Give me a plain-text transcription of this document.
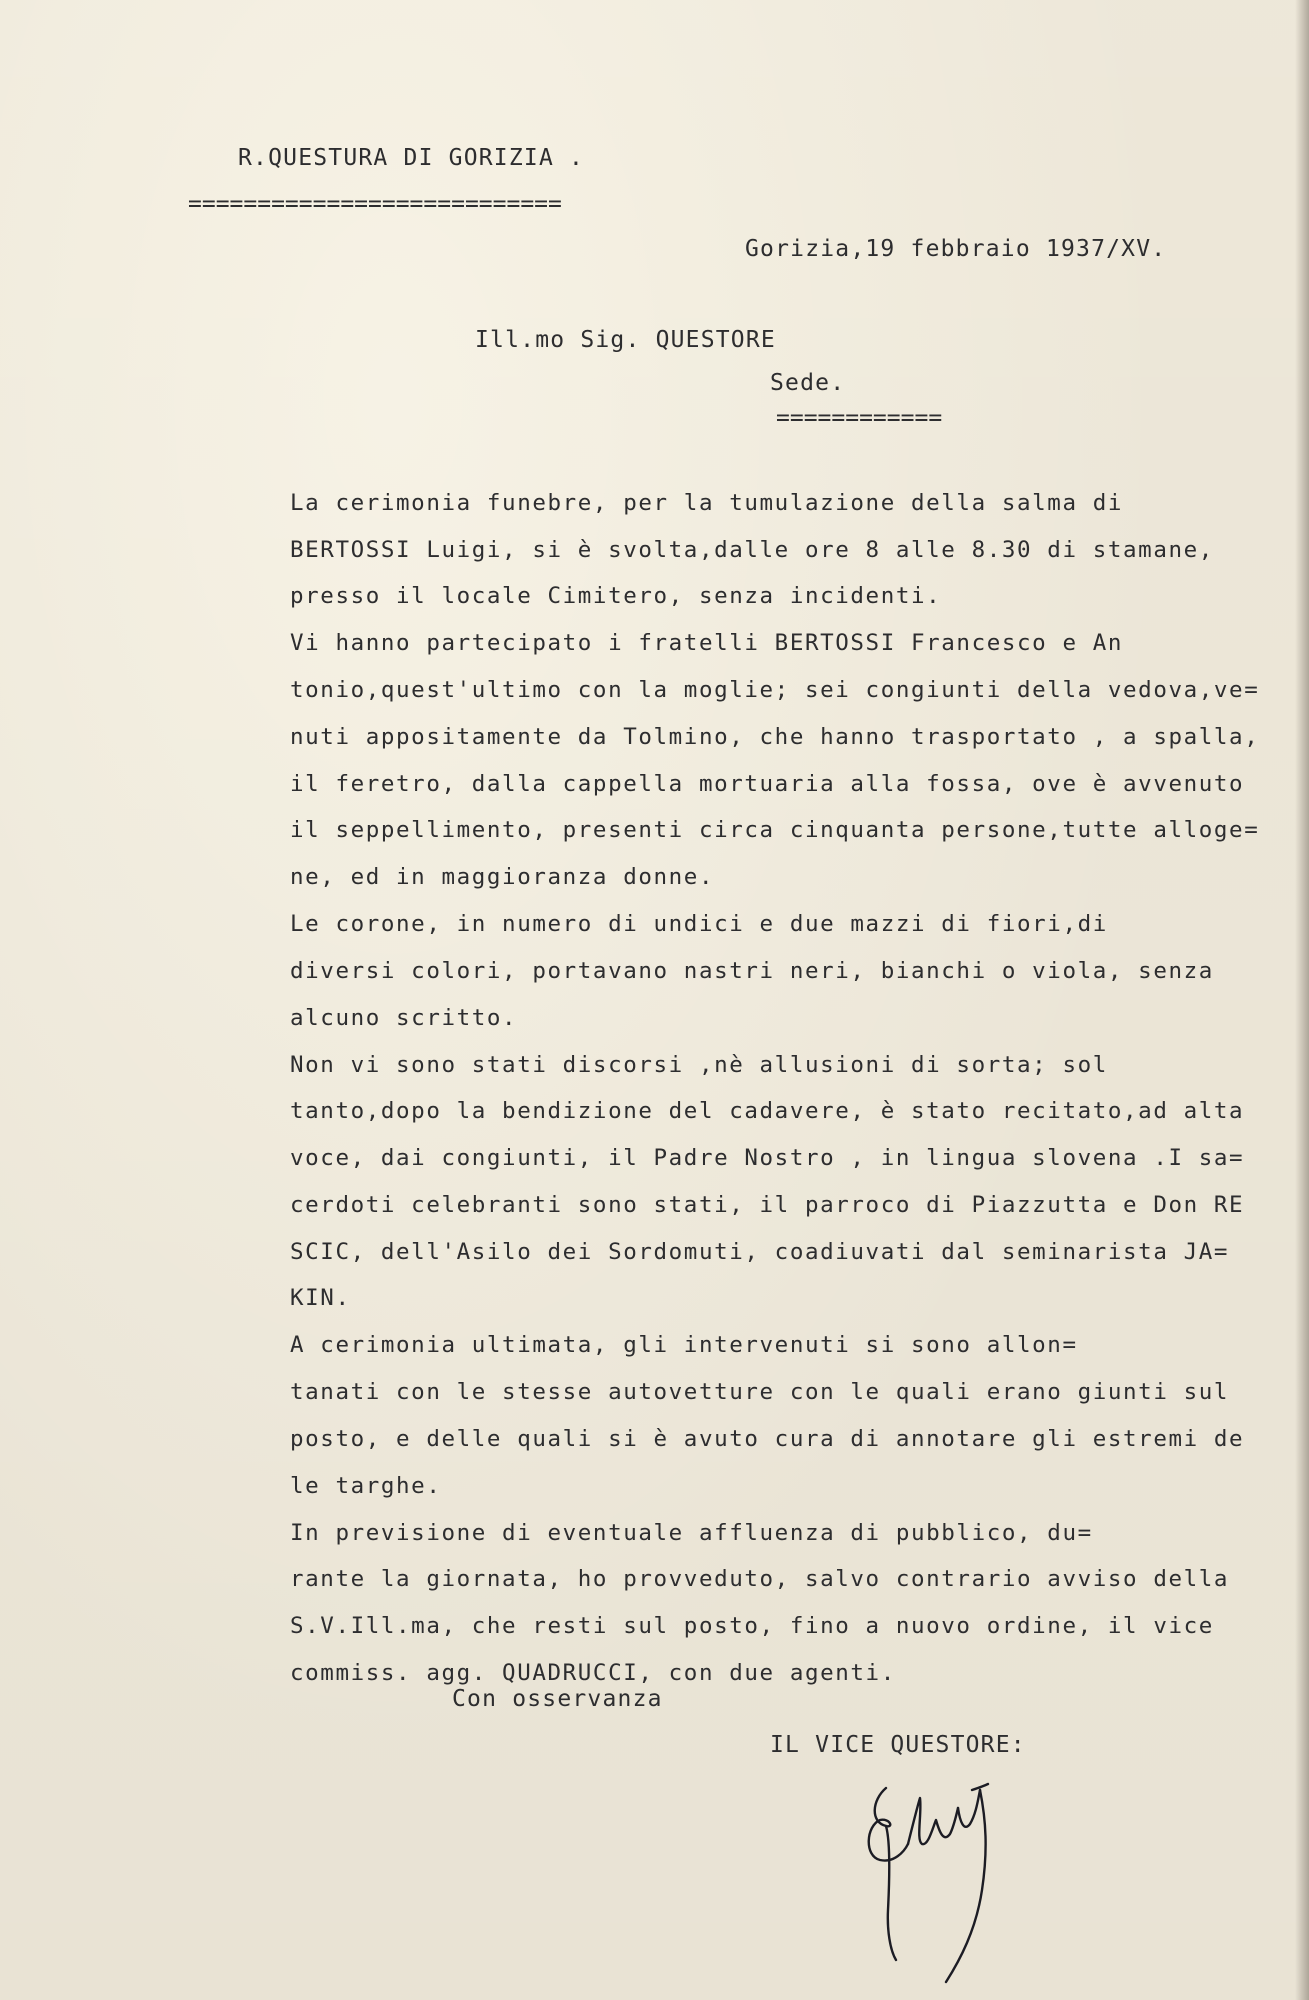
R.QUESTURA DI GORIZIA .

===========================

Gorizia,19 febbraio 1937/XV.

Ill.mo Sig. QUESTORE

Sede.

============

La cerimonia funebre, per la tumulazione della salma di
BERTOSSI Luigi, si è svolta,dalle ore 8 alle 8.30 di stamane,
presso il locale Cimitero, senza incidenti.
Vi hanno partecipato i fratelli BERTOSSI Francesco e An
tonio,quest'ultimo con la moglie; sei congiunti della vedova,ve=
nuti appositamente da Tolmino, che hanno trasportato , a spalla,
il feretro, dalla cappella mortuaria alla fossa, ove è avvenuto
il seppellimento, presenti circa cinquanta persone,tutte alloge=
ne, ed in maggioranza donne.
Le corone, in numero di undici e due mazzi di fiori,di
diversi colori, portavano nastri neri, bianchi o viola, senza
alcuno scritto.
Non vi sono stati discorsi ,nè allusioni di sorta; sol
tanto,dopo la bendizione del cadavere, è stato recitato,ad alta
voce, dai congiunti, il Padre Nostro , in lingua slovena .I sa=
cerdoti celebranti sono stati, il parroco di Piazzutta e Don RE
SCIC, dell'Asilo dei Sordomuti, coadiuvati dal seminarista JA=
KIN.
A cerimonia ultimata, gli intervenuti si sono allon=
tanati con le stesse autovetture con le quali erano giunti sul
posto, e delle quali si è avuto cura di annotare gli estremi de
le targhe.
In previsione di eventuale affluenza di pubblico, du=
rante la giornata, ho provveduto, salvo contrario avviso della
S.V.Ill.ma, che resti sul posto, fino a nuovo ordine, il vice
commiss. agg. QUADRUCCI, con due agenti.

Con osservanza

IL VICE QUESTORE:
